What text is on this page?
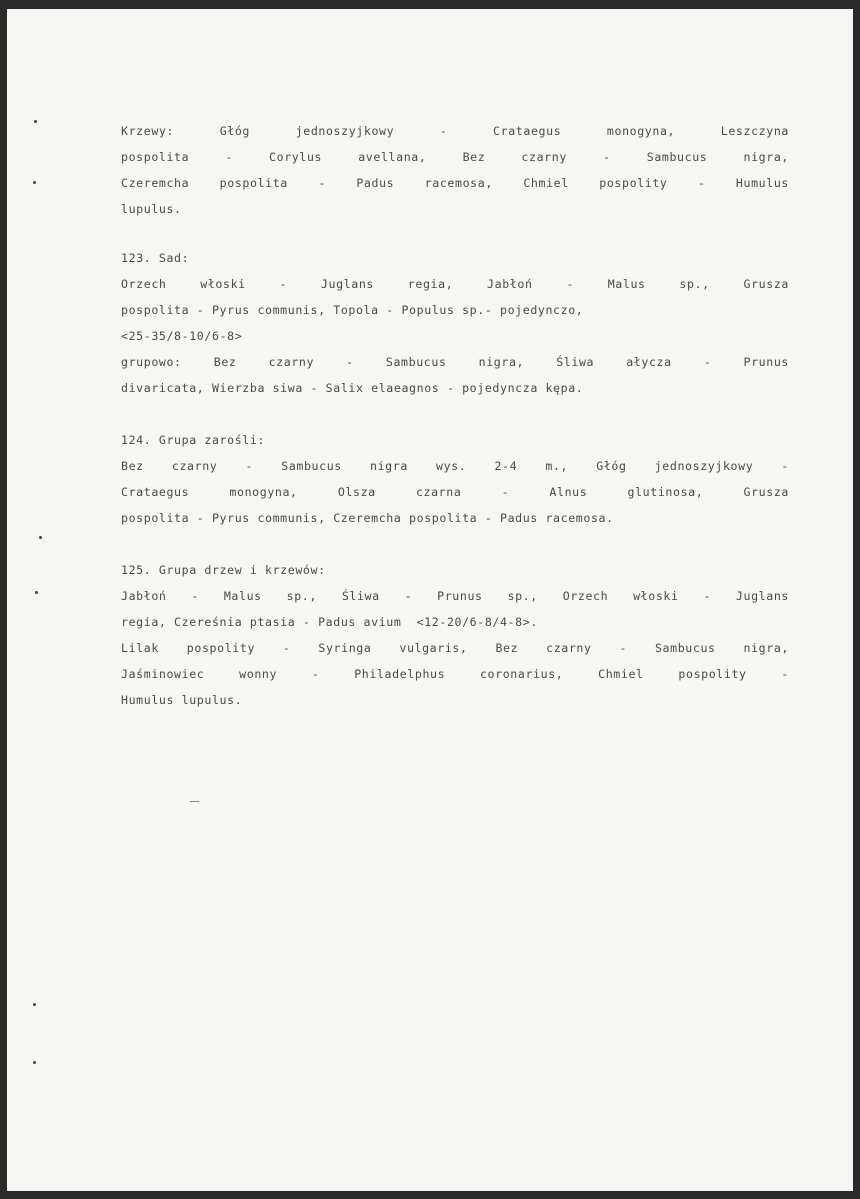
Krzewy: Głóg jednoszyjkowy - Crataegus monogyna, Leszczyna
pospolita - Corylus avellana, Bez czarny - Sambucus nigra,
Czeremcha pospolita - Padus racemosa, Chmiel pospolity - Humulus
lupulus.
123. Sad:
Orzech włoski - Juglans regia, Jabłoń - Malus sp., Grusza
pospolita - Pyrus communis, Topola - Populus sp.- pojedynczo,
<25-35/8-10/6-8>
grupowo: Bez czarny - Sambucus nigra, Śliwa ałycza - Prunus
divaricata, Wierzba siwa - Salix elaeagnos - pojedyncza kępa.
124. Grupa zarośli:
Bez czarny - Sambucus nigra wys. 2-4 m., Głóg jednoszyjkowy -
Crataegus monogyna, Olsza czarna - Alnus glutinosa, Grusza
pospolita - Pyrus communis, Czeremcha pospolita - Padus racemosa.
125. Grupa drzew i krzewów:
Jabłoń - Malus sp., Śliwa - Prunus sp., Orzech włoski - Juglans
regia, Czereśnia ptasia - Padus avium  <12-20/6-8/4-8>.
Lilak pospolity - Syringa vulgaris, Bez czarny - Sambucus nigra,
Jaśminowiec wonny - Philadelphus coronarius, Chmiel pospolity -
Humulus lupulus.
